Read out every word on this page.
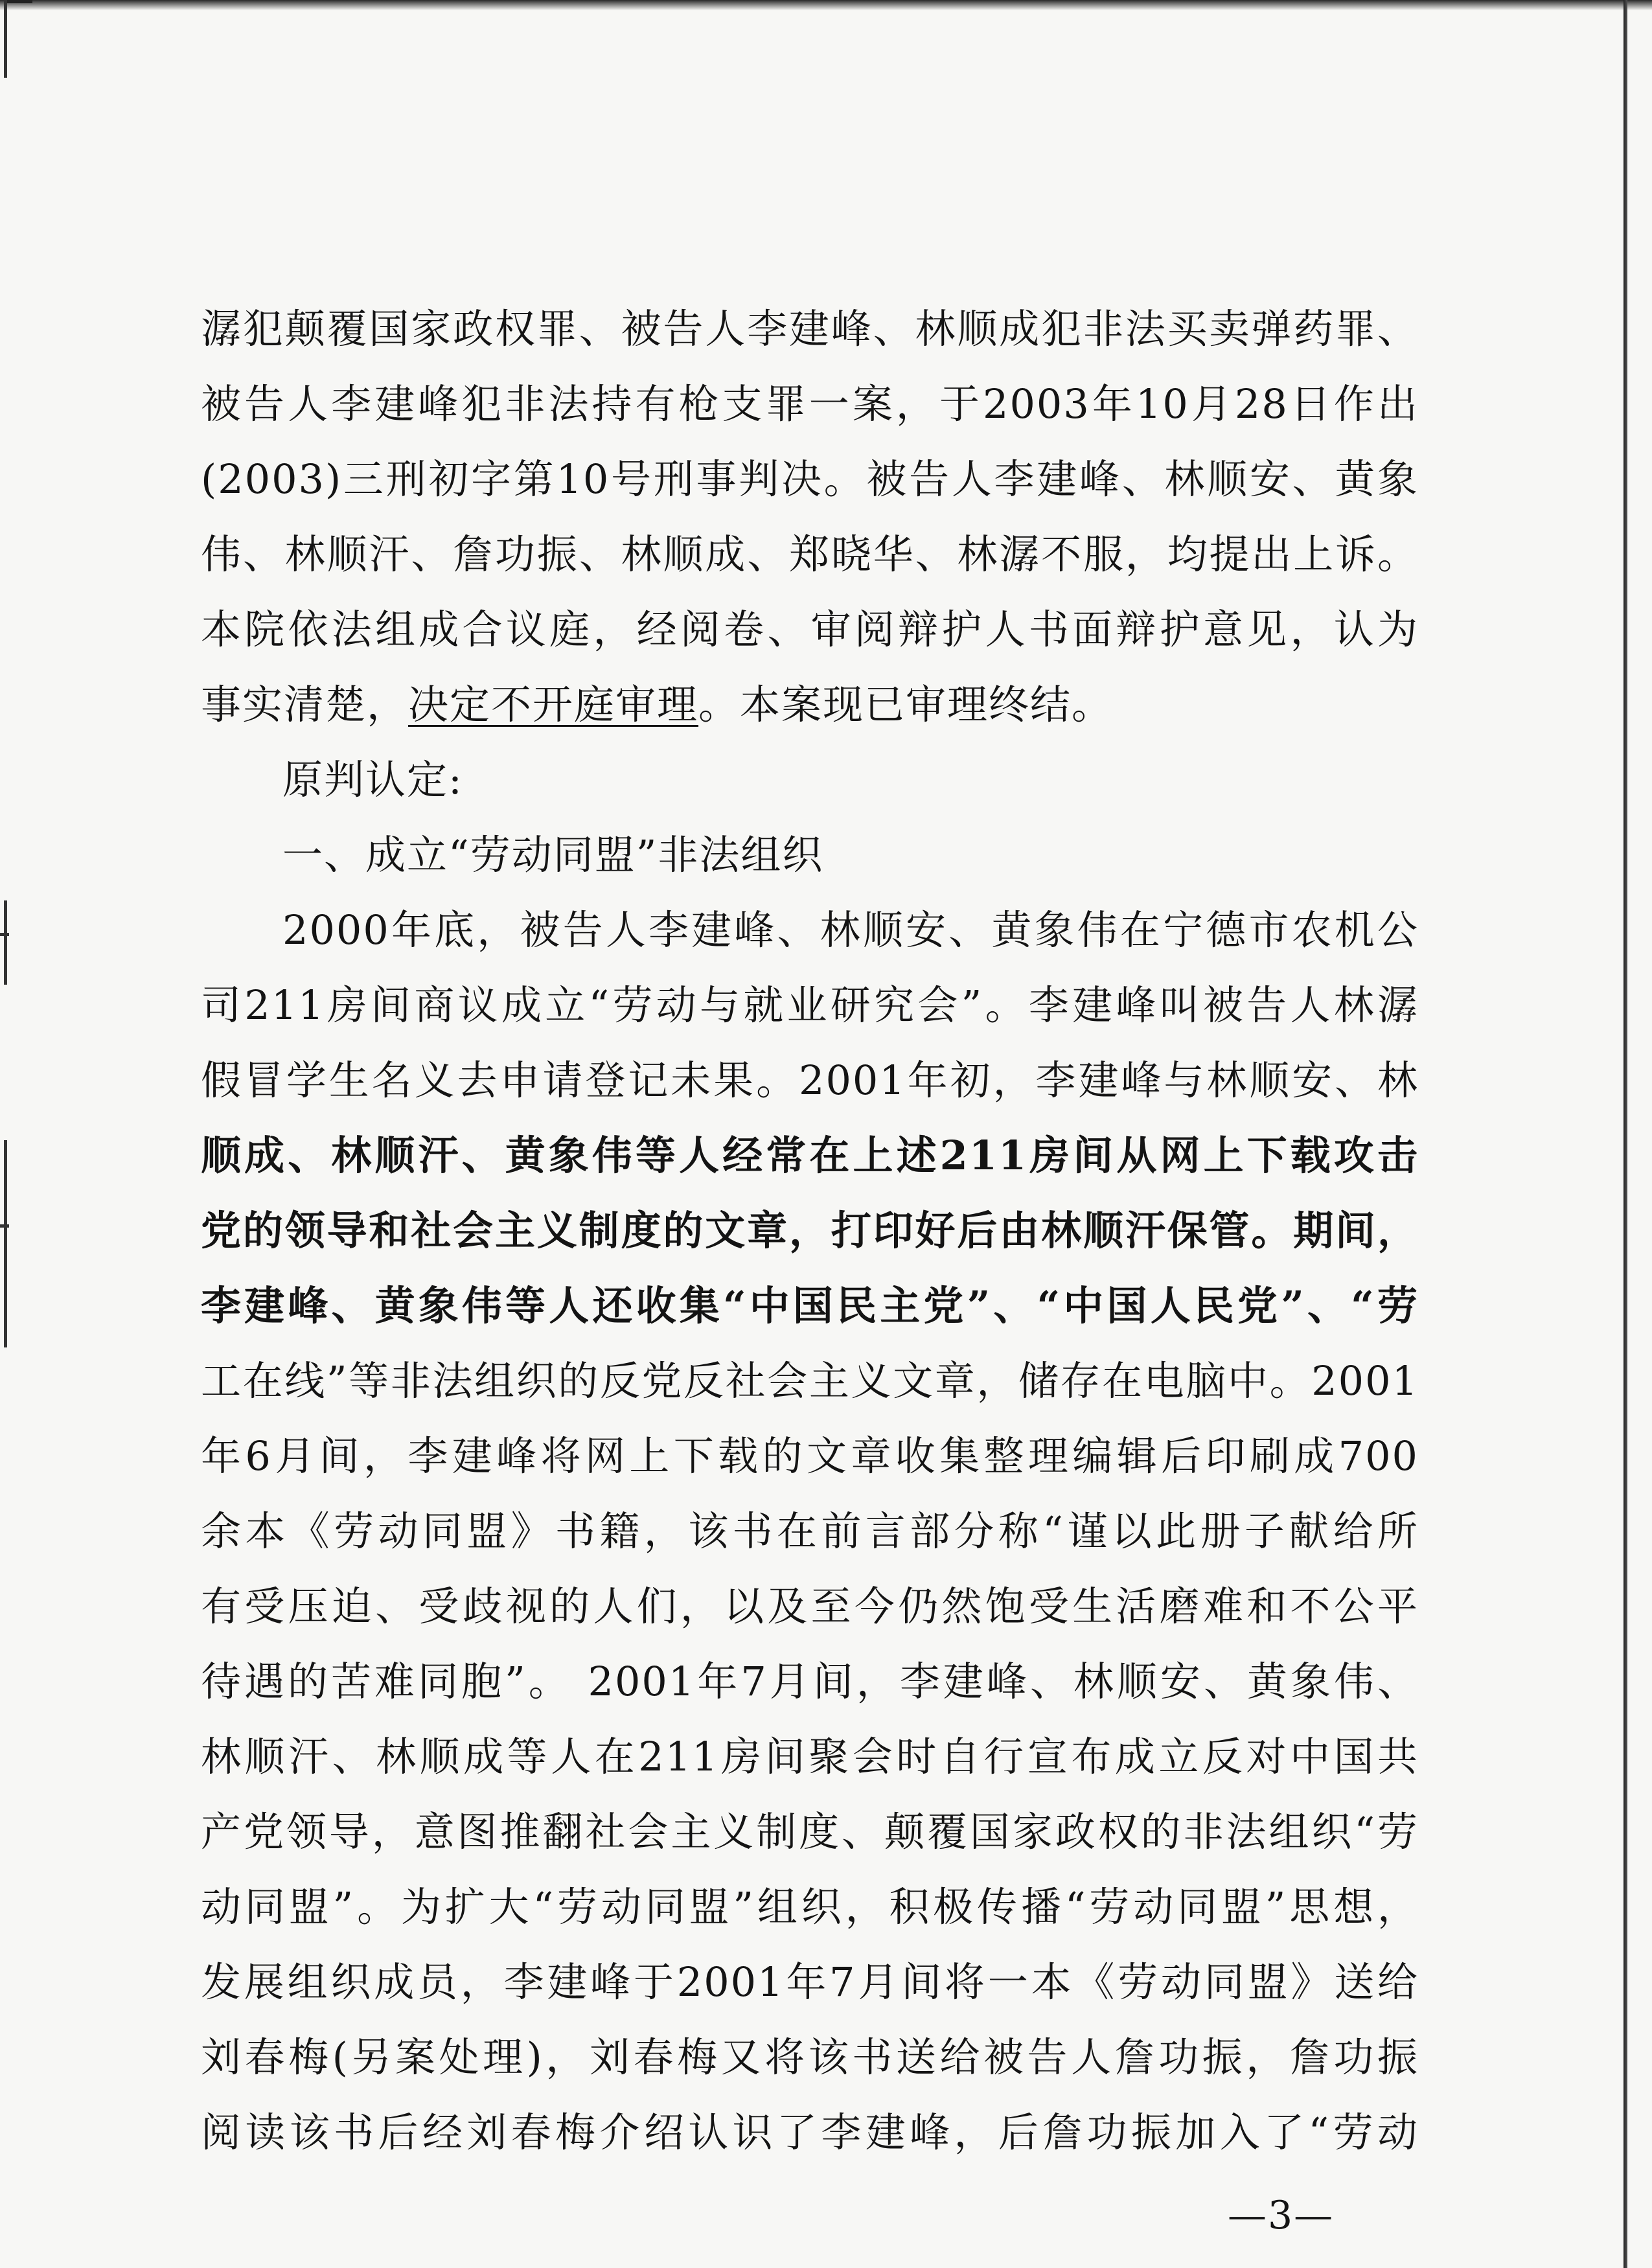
潺犯颠覆国家政权罪、被告人李建峰、林顺成犯非法买卖弹药罪、
被告人李建峰犯非法持有枪支罪一案，于2003年10月28日作出
(2003)三刑初字第10号刑事判决。被告人李建峰、林顺安、黄象
伟、林顺汗、詹功振、林顺成、郑晓华、林潺不服，均提出上诉。
本院依法组成合议庭，经阅卷、审阅辩护人书面辩护意见，认为
事实清楚，决定不开庭审理。本案现已审理终结。
原判认定:
一、成立“劳动同盟”非法组织
2000年底，被告人李建峰、林顺安、黄象伟在宁德市农机公
司211房间商议成立“劳动与就业研究会”。李建峰叫被告人林潺
假冒学生名义去申请登记未果。2001年初，李建峰与林顺安、林
顺成、林顺汗、黄象伟等人经常在上述211房间从网上下载攻击
党的领导和社会主义制度的文章，打印好后由林顺汗保管。期间，
李建峰、黄象伟等人还收集“中国民主党”、“中国人民党”、“劳
工在线”等非法组织的反党反社会主义文章，储存在电脑中。2001
年6月间，李建峰将网上下载的文章收集整理编辑后印刷成700
余本《劳动同盟》书籍，该书在前言部分称“谨以此册子献给所
有受压迫、受歧视的人们，以及至今仍然饱受生活磨难和不公平
待遇的苦难同胞”。 2001年7月间，李建峰、林顺安、黄象伟、
林顺汗、林顺成等人在211房间聚会时自行宣布成立反对中国共
产党领导，意图推翻社会主义制度、颠覆国家政权的非法组织“劳
动同盟”。为扩大“劳动同盟”组织，积极传播“劳动同盟”思想，
发展组织成员，李建峰于2001年7月间将一本《劳动同盟》送给
刘春梅(另案处理)，刘春梅又将该书送给被告人詹功振，詹功振
阅读该书后经刘春梅介绍认识了李建峰，后詹功振加入了“劳动
—3—
